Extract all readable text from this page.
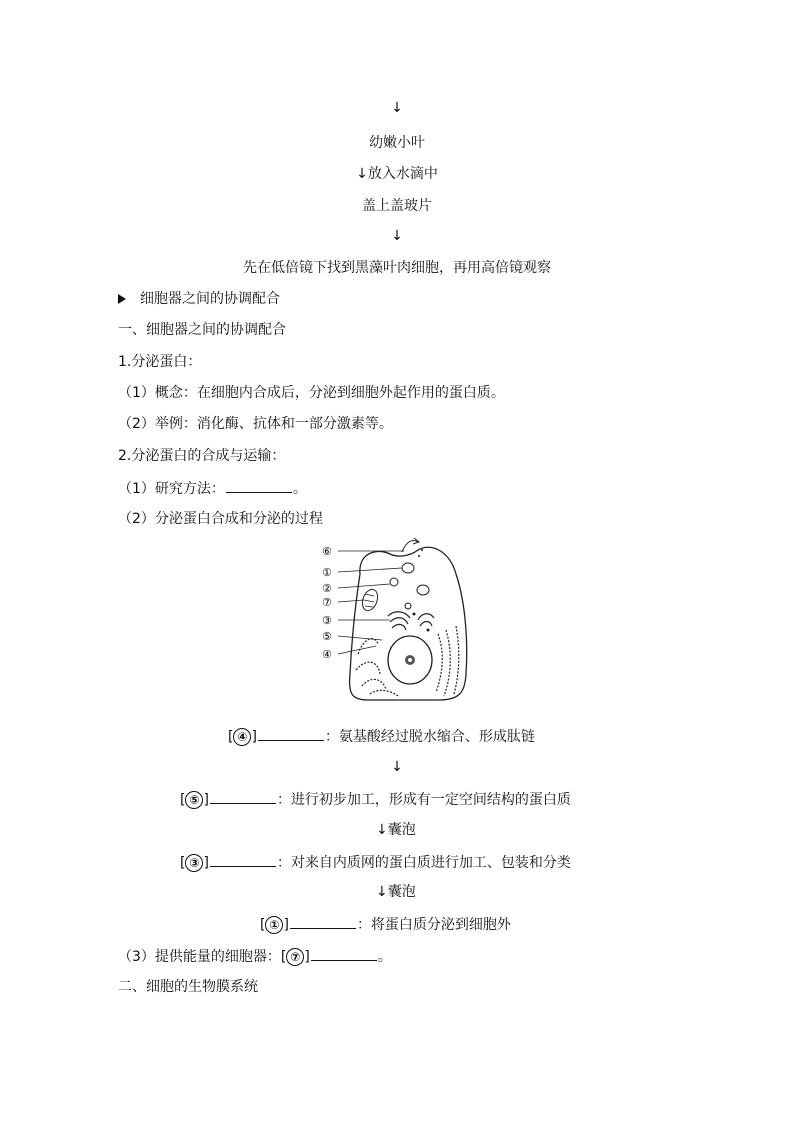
↓
幼嫩小叶
↓放入水滴中
盖上盖玻片
↓
先在低倍镜下找到黑藻叶肉细胞，再用高倍镜观察
细胞器之间的协调配合
一、细胞器之间的协调配合
1.分泌蛋白：
（1）概念：在细胞内合成后，分泌到细胞外起作用的蛋白质。
（2）举例：消化酶、抗体和一部分激素等。
2.分泌蛋白的合成与运输：
（1）研究方法：	。
（2）分泌蛋白合成和分泌的过程
⑥
①
②
⑦
③
⑤
④
[ ④ ]	：氨基酸经过脱水缩合、形成肽链
↓
[ ⑤ ]	：进行初步加工，形成有一定空间结构的蛋白质
↓囊泡
[ ③ ]	：对来自内质网的蛋白质进行加工、包装和分类
↓囊泡
[ ① ]	：将蛋白质分泌到细胞外
（3）提供能量的细胞器：[ ⑦ ]	。
二、细胞的生物膜系统
